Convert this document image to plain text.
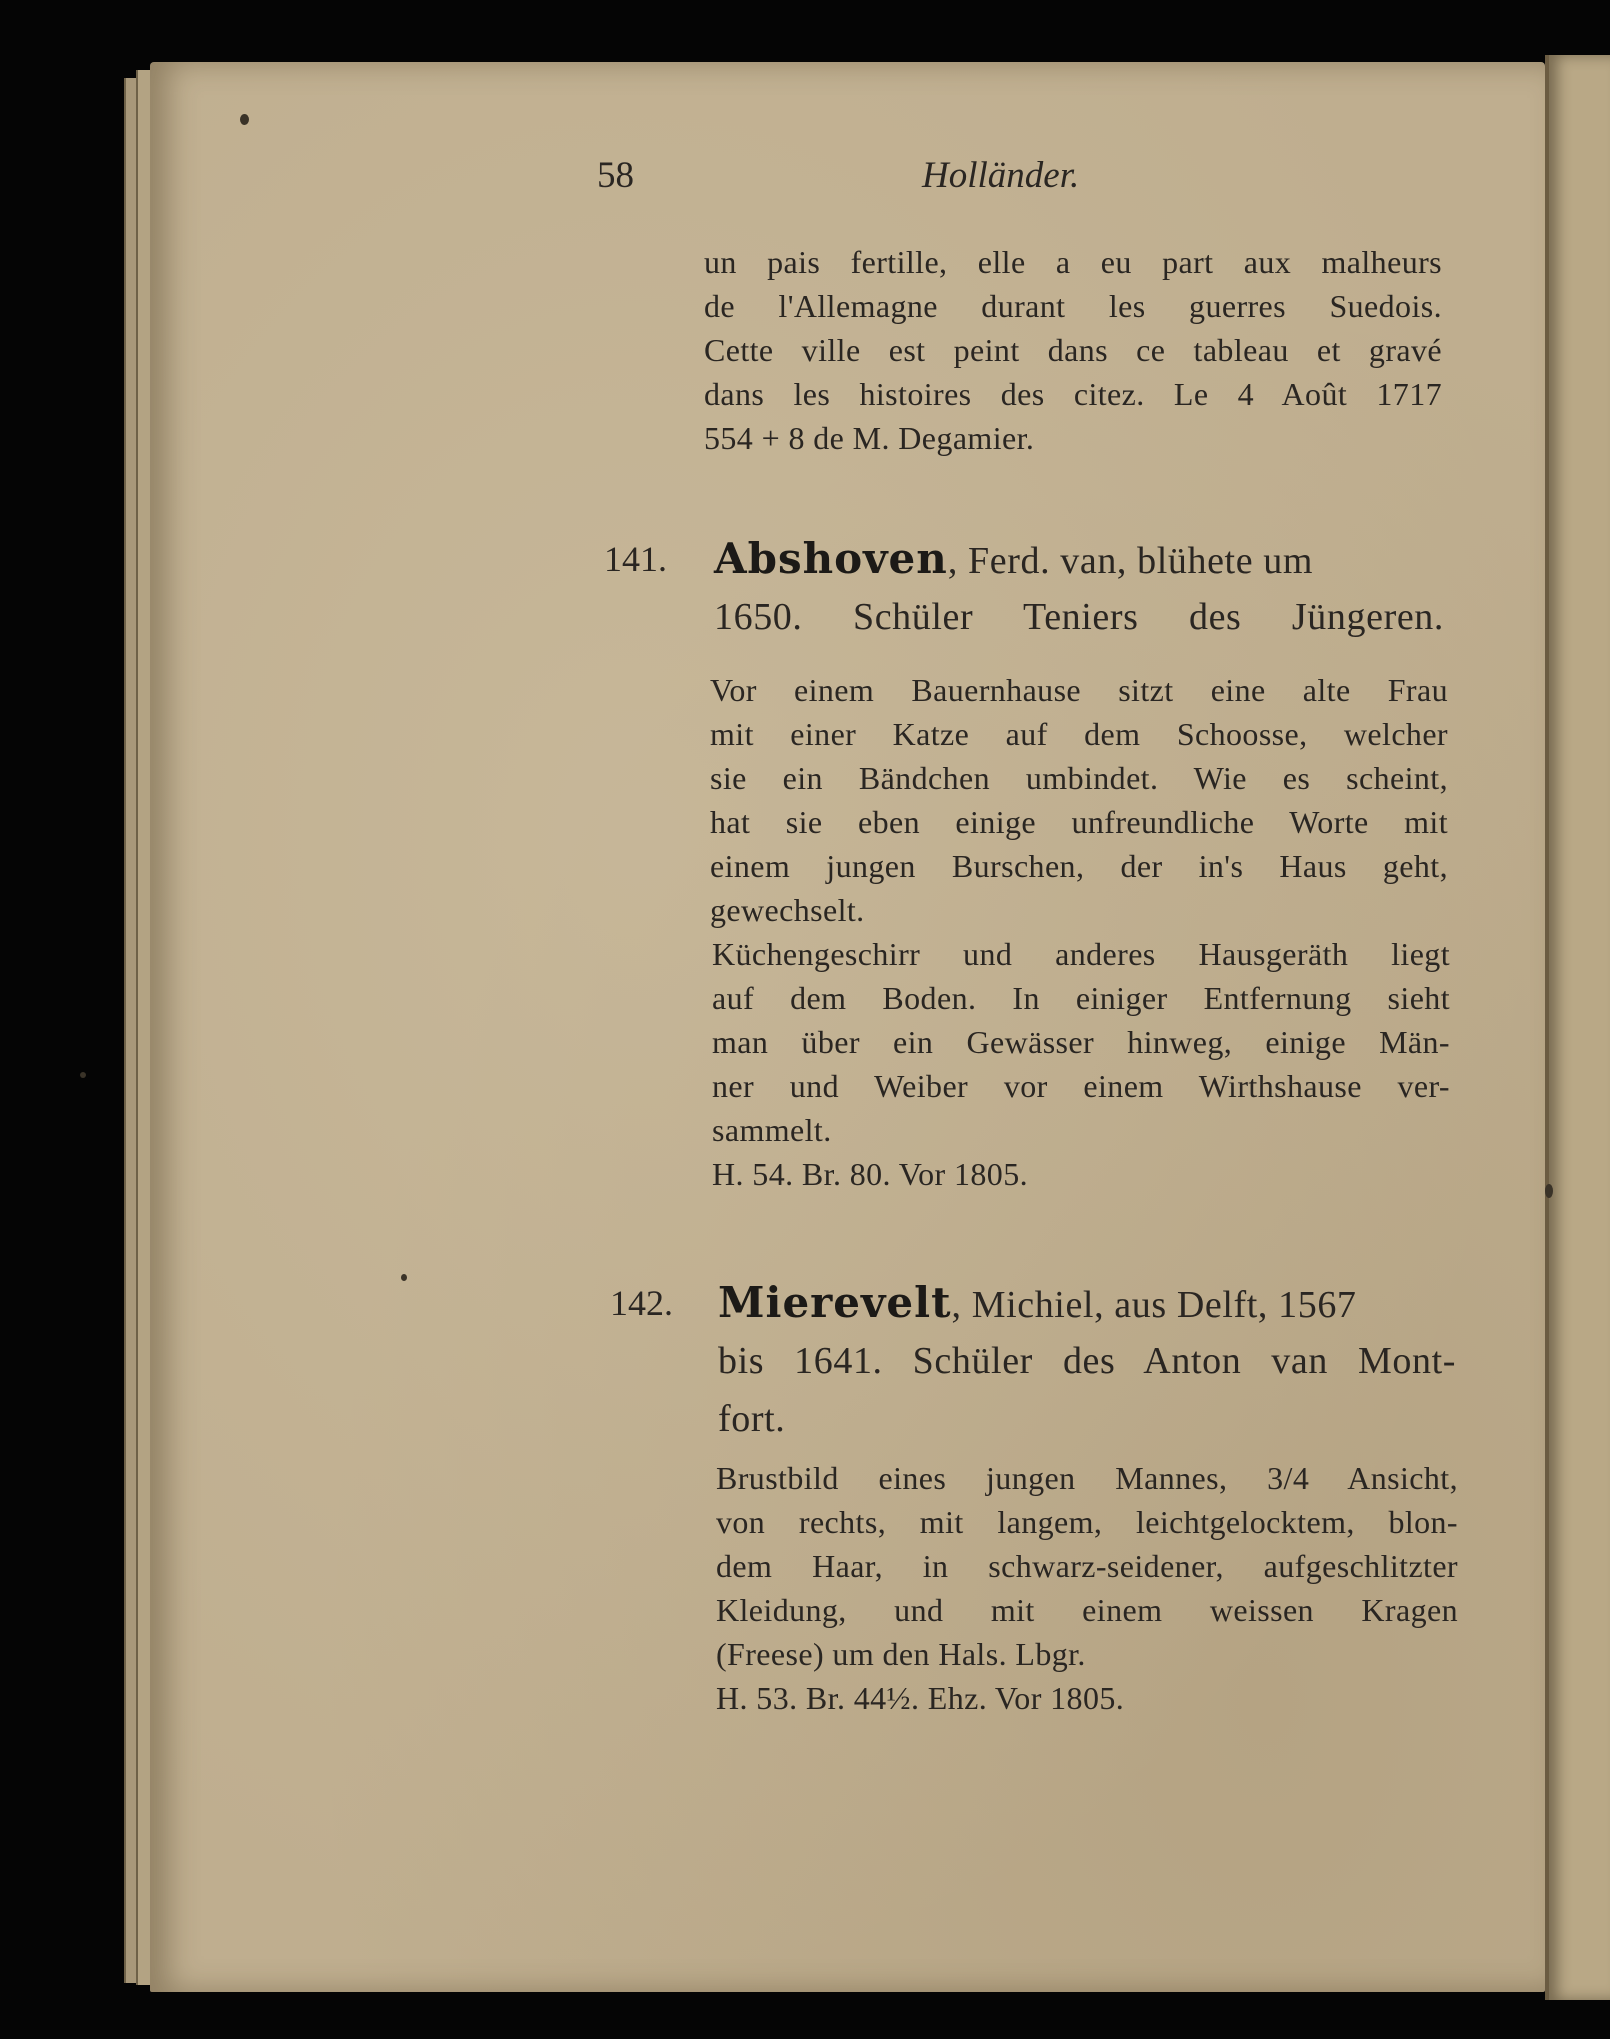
58	Holländer.
un pais fertille, elle a eu part aux malheurs
de l'Allemagne durant les guerres Suedois.
Cette ville est peint dans ce tableau et gravé
dans les histoires des citez. Le 4 Août 1717
554 + 8 de M. Degamier.
141. Abshoven, Ferd. van, blühete um
1650. Schüler Teniers des Jüngeren.
Vor einem Bauernhause sitzt eine alte Frau
mit einer Katze auf dem Schoosse, welcher
sie ein Bändchen umbindet. Wie es scheint,
hat sie eben einige unfreundliche Worte mit
einem jungen Burschen, der in's Haus geht,
gewechselt.
Küchengeschirr und anderes Hausgeräth liegt
auf dem Boden. In einiger Entfernung sieht
man über ein Gewässer hinweg, einige Män-
ner und Weiber vor einem Wirthshause ver-
sammelt.
H. 54. Br. 80. Vor 1805.
142. Mierevelt, Michiel, aus Delft, 1567
bis 1641. Schüler des Anton van Mont-
fort.
Brustbild eines jungen Mannes, 3/4 Ansicht,
von rechts, mit langem, leichtgelocktem, blon-
dem Haar, in schwarz-seidener, aufgeschlitzter
Kleidung, und mit einem weissen Kragen
(Freese) um den Hals. Lbgr.
H. 53. Br. 44½. Ehz. Vor 1805.
